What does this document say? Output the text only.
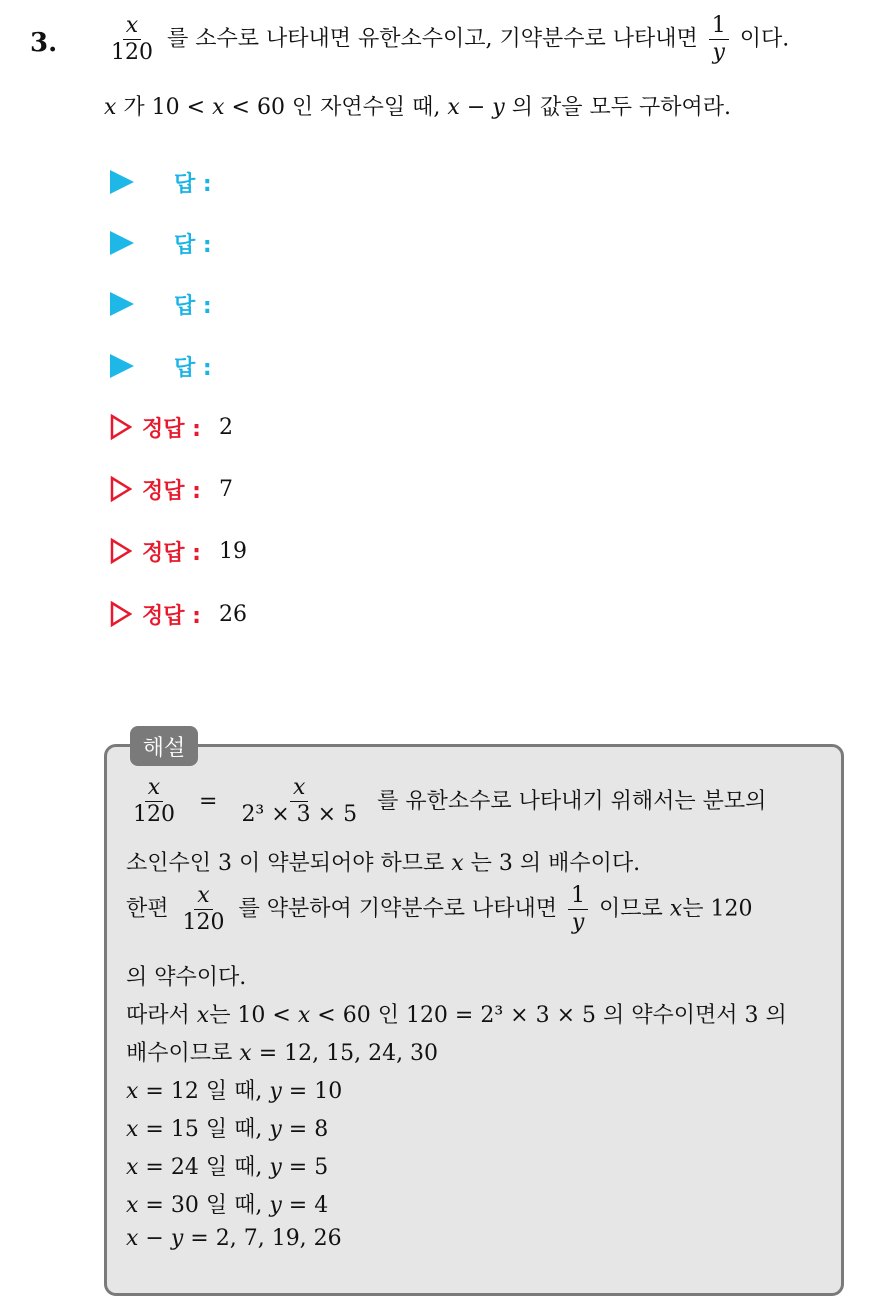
3. $\frac{x}{120}$ 를 소수로 나타내면 유한소수이고, 기약분수로 나타내면 $\frac{1}{y}$ 이다.
x 가 10 < x < 60 인 자연수일 때, x − y 의 값을 모두 구하여라.
답 :
답 :
답 :
답 :
정답 : 2
정답 : 7
정답 : 19
정답 : 26
해설
$\frac{x}{120} = \frac{x}{\text{2³ × 3 × 5}}$ 를 유한소수로 나타내기 위해서는 분모의
소인수인 3 이 약분되어야 하므로 x 는 3 의 배수이다.
한편 $\frac{x}{120}$ 를 약분하여 기약분수로 나타내면 $\frac{1}{y}$ 이므로 x는 120
의 약수이다.
따라서 x는 10 < x < 60 인 120 = 2³ × 3 × 5 의 약수이면서 3 의
배수이므로 x = 12, 15, 24, 30
x = 12 일 때, y = 10
x = 15 일 때, y = 8
x = 24 일 때, y = 5
x = 30 일 때, y = 4
x − y = 2, 7, 19, 26
